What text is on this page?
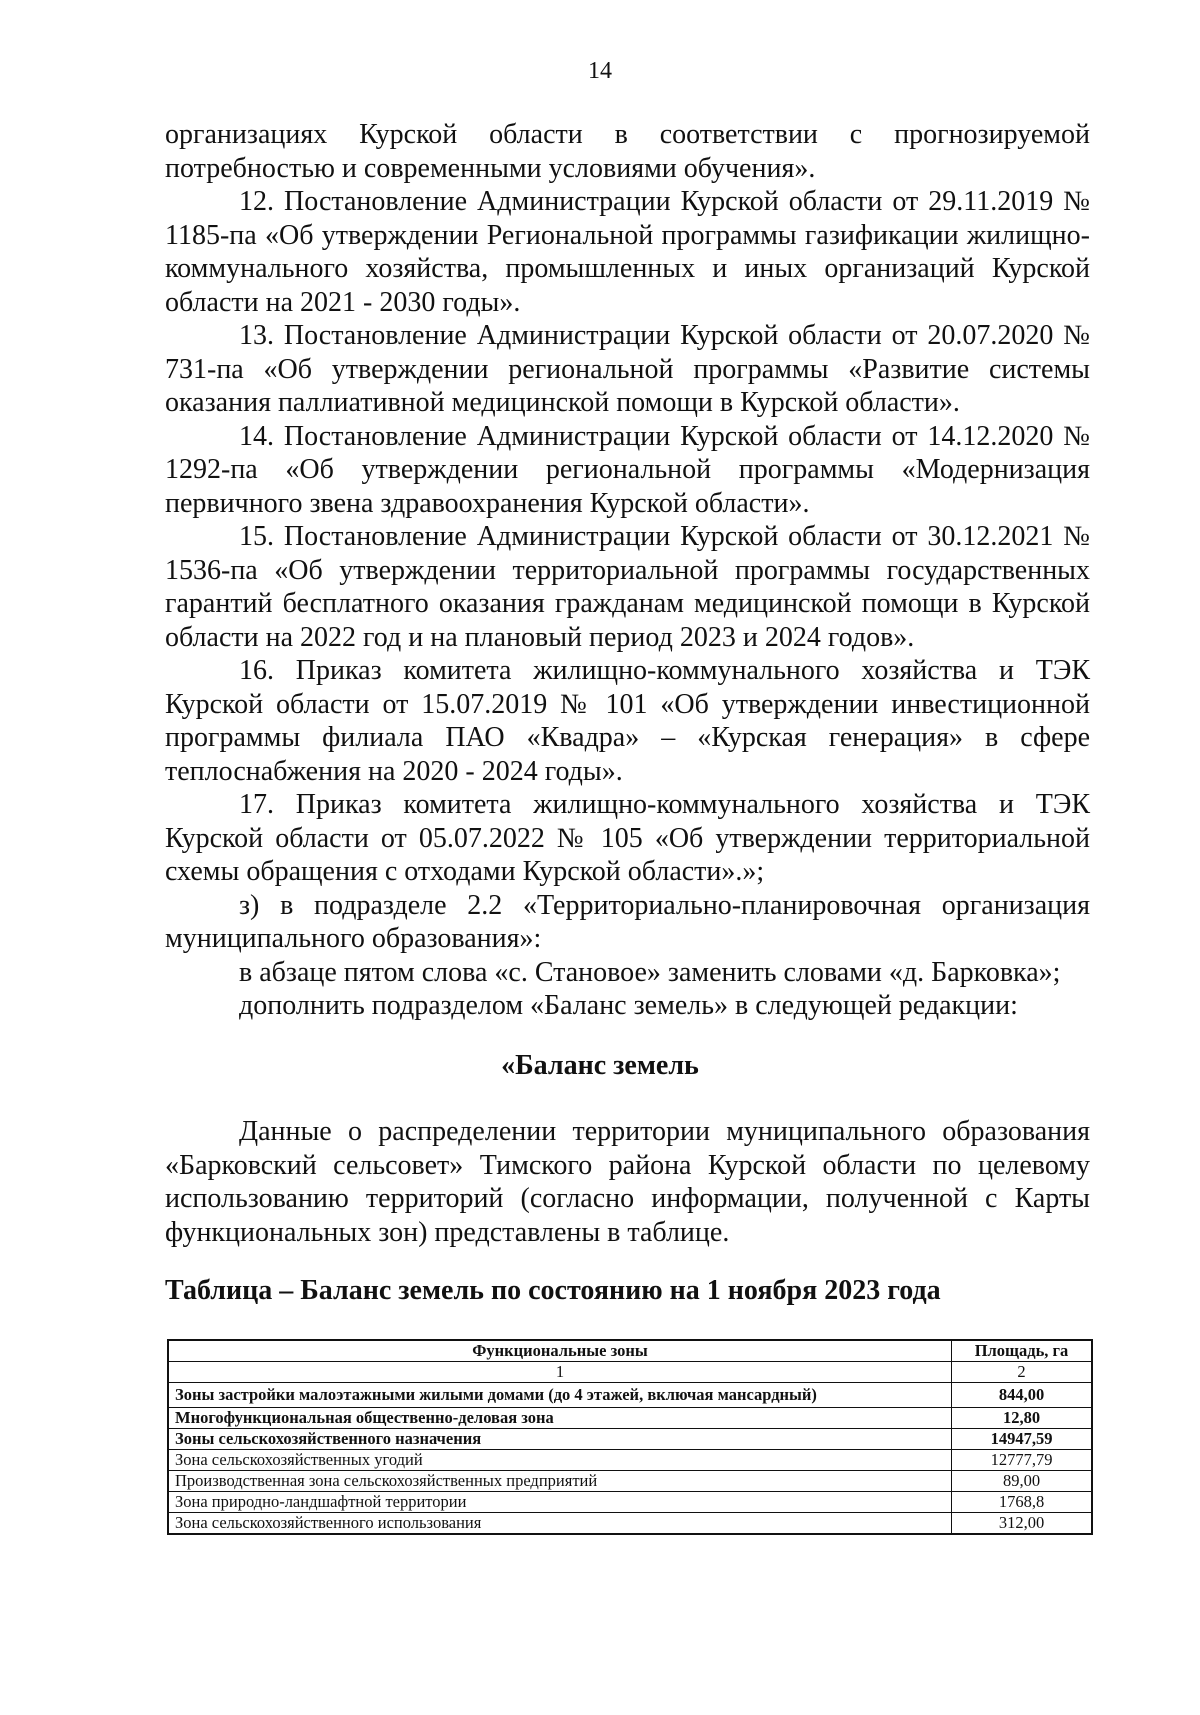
14

организациях Курской области в соответствии с прогнозируемой потребностью и современными условиями обучения».

12. Постановление Администрации Курской области от 29.11.2019 № 1185-па «Об утверждении Региональной программы газификации жилищно-коммунального хозяйства, промышленных и иных организаций Курской области на 2021 - 2030 годы».

13. Постановление Администрации Курской области от 20.07.2020 № 731-па «Об утверждении региональной программы «Развитие системы оказания паллиативной медицинской помощи в Курской области».

14. Постановление Администрации Курской области от 14.12.2020 № 1292-па «Об утверждении региональной программы «Модернизация первичного звена здравоохранения Курской области».

15. Постановление Администрации Курской области от 30.12.2021 № 1536-па «Об утверждении территориальной программы государственных гарантий бесплатного оказания гражданам медицинской помощи в Курской области на 2022 год и на плановый период 2023 и 2024 годов».

16. Приказ комитета жилищно-коммунального хозяйства и ТЭК Курской области от 15.07.2019 № 101 «Об утверждении инвестиционной программы филиала ПАО «Квадра» – «Курская генерация» в сфере теплоснабжения на 2020 - 2024 годы».

17. Приказ комитета жилищно-коммунального хозяйства и ТЭК Курской области от 05.07.2022 № 105 «Об утверждении территориальной схемы обращения с отходами Курской области».»;

з) в подразделе 2.2 «Территориально-планировочная организация муниципального образования»:

в абзаце пятом слова «с. Становое» заменить словами «д. Барковка»;

дополнить подразделом «Баланс земель» в следующей редакции:

«Баланс земель

Данные о распределении территории муниципального образования «Барковский сельсовет» Тимского района Курской области по целевому использованию территорий (согласно информации, полученной с Карты функциональных зон) представлены в таблице.

Таблица – Баланс земель по состоянию на 1 ноября 2023 года
Функциональные зоны	Площадь, га
1	2
Зоны застройки малоэтажными жилыми домами (до 4 этажей, включая мансардный)	844,00
Многофункциональная общественно-деловая зона	12,80
Зоны сельскохозяйственного назначения	14947,59
Зона сельскохозяйственных угодий	12777,79
Производственная зона сельскохозяйственных предприятий	89,00
Зона природно-ландшафтной территории	1768,8
Зона сельскохозяйственного использования	312,00
